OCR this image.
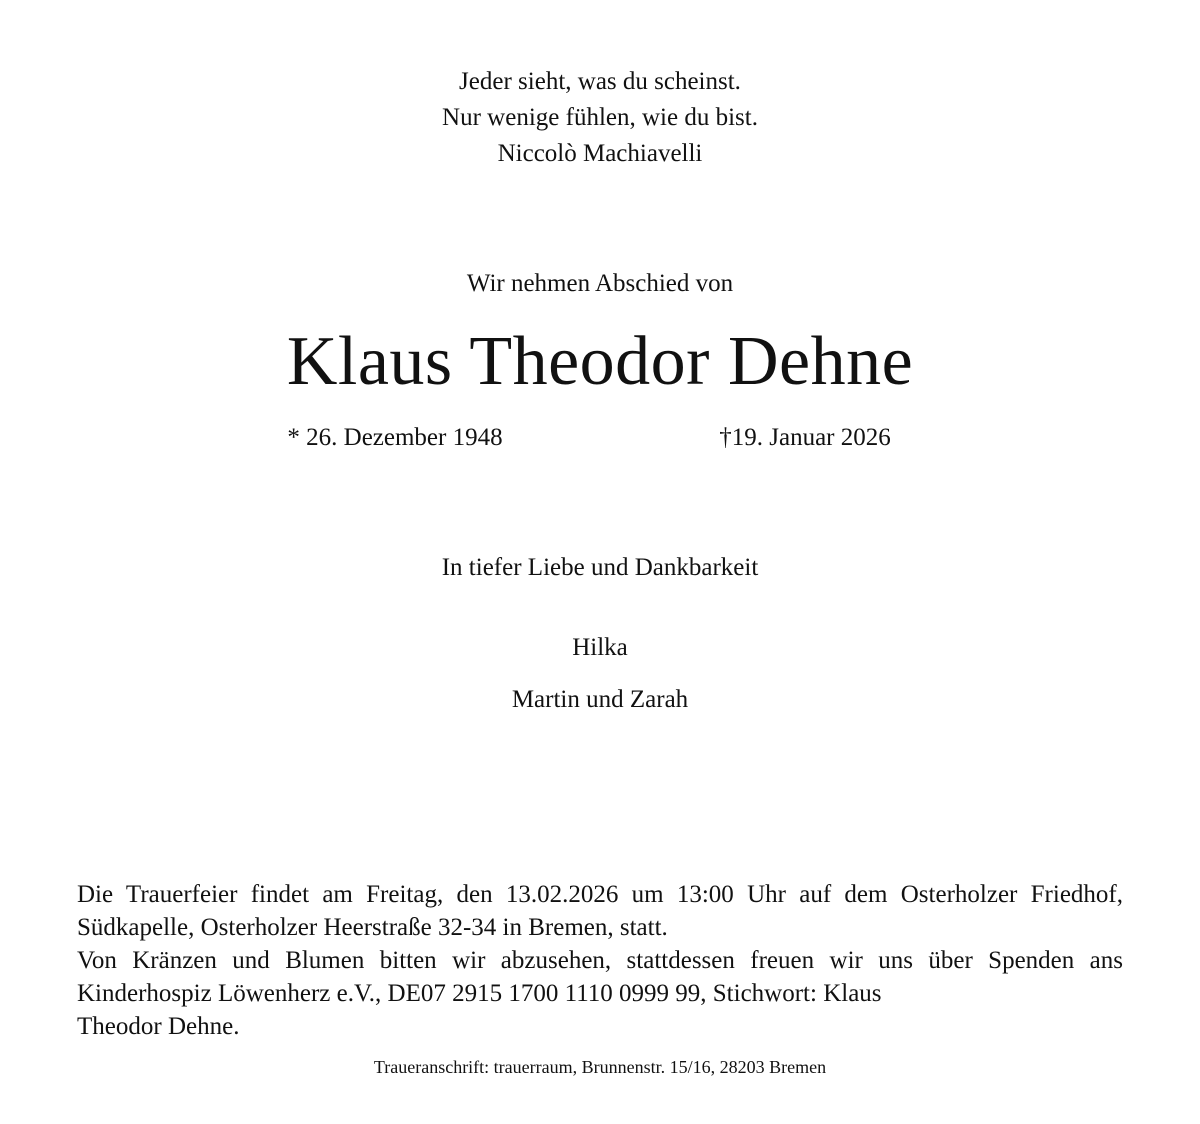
Jeder sieht, was du scheinst.
Nur wenige fühlen, wie du bist.
Niccolò Machiavelli
Wir nehmen Abschied von
Klaus Theodor Dehne
* 26. Dezember 1948	†19. Januar 2026
In tiefer Liebe und Dankbarkeit
Hilka
Martin und Zarah

Die Trauerfeier findet am Freitag, den 13.02.2026 um 13:00 Uhr auf dem Osterholzer Friedhof, Südkapelle, Osterholzer Heerstraße 32-34 in Bremen, statt.

Von Kränzen und Blumen bitten wir abzusehen, stattdessen freuen wir uns über Spenden ans Kinderhospiz Löwenherz e.V., DE07 2915 1700 1110 0999 99, Stichwort: Klaus

Theodor Dehne.

Traueranschrift: trauerraum, Brunnenstr. 15/16, 28203 Bremen
